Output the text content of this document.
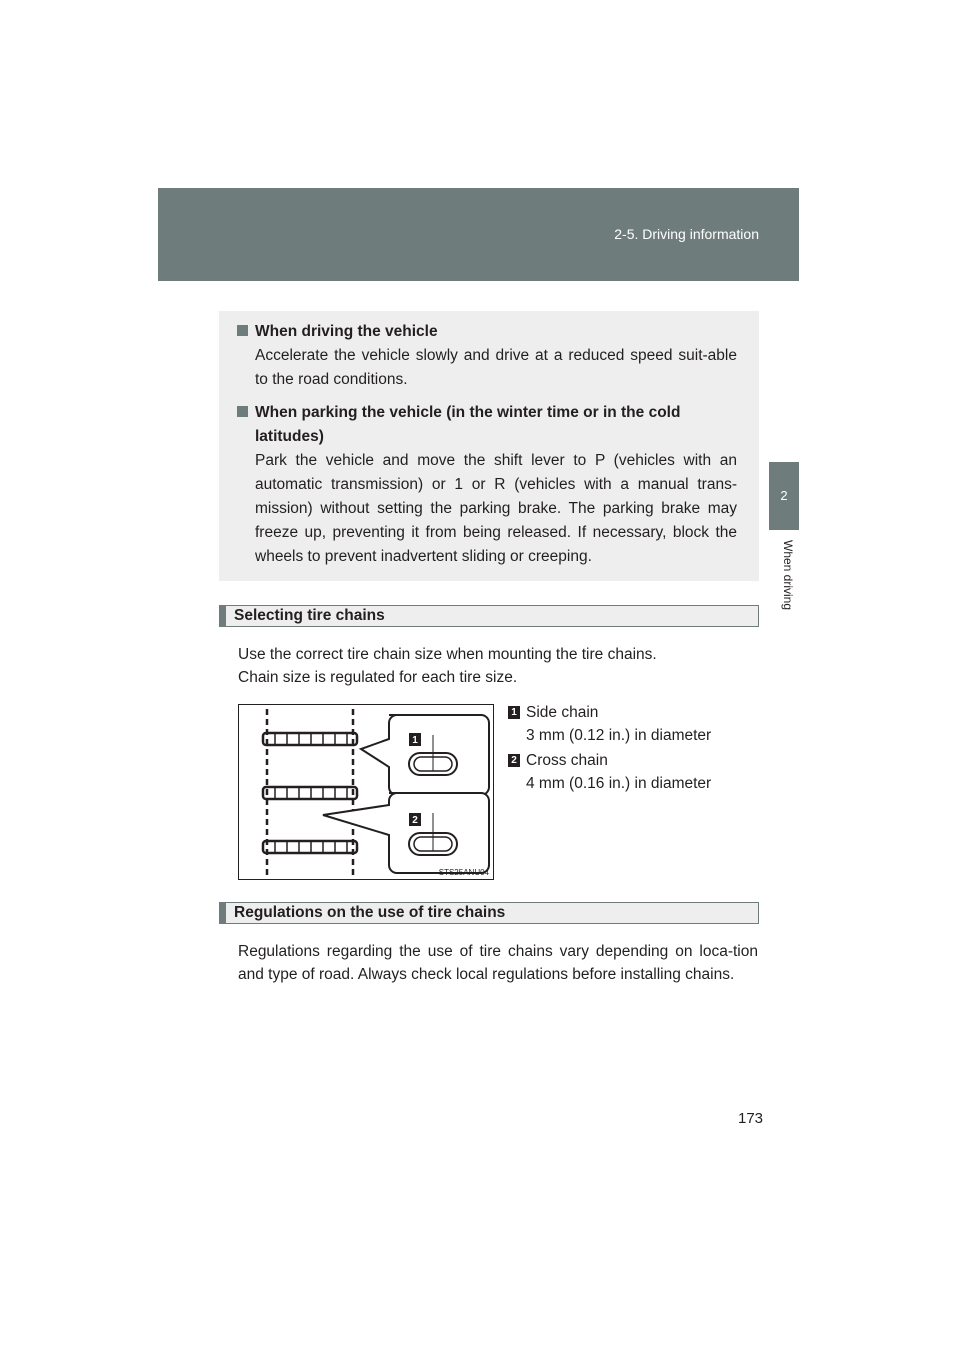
2-5. Driving information
2
When driving
When driving the vehicle
Accelerate the vehicle slowly and drive at a reduced speed suit-able to the road conditions.
When parking the vehicle (in the winter time or in the cold latitudes)
Park the vehicle and move the shift lever to P (vehicles with an automatic transmission) or 1 or R (vehicles with a manual trans-mission) without setting the parking brake. The parking brake may freeze up, preventing it from being released. If necessary, block the wheels to prevent inadvertent sliding or creeping.
Selecting tire chains
Use the correct tire chain size when mounting the tire chains.
Chain size is regulated for each tire size.
1
2
STS25ANU04
1 Side chain
3 mm (0.12 in.) in diameter
2 Cross chain
4 mm (0.16 in.) in diameter
Regulations on the use of tire chains
Regulations regarding the use of tire chains vary depending on loca-tion and type of road. Always check local regulations before installing chains.
173
